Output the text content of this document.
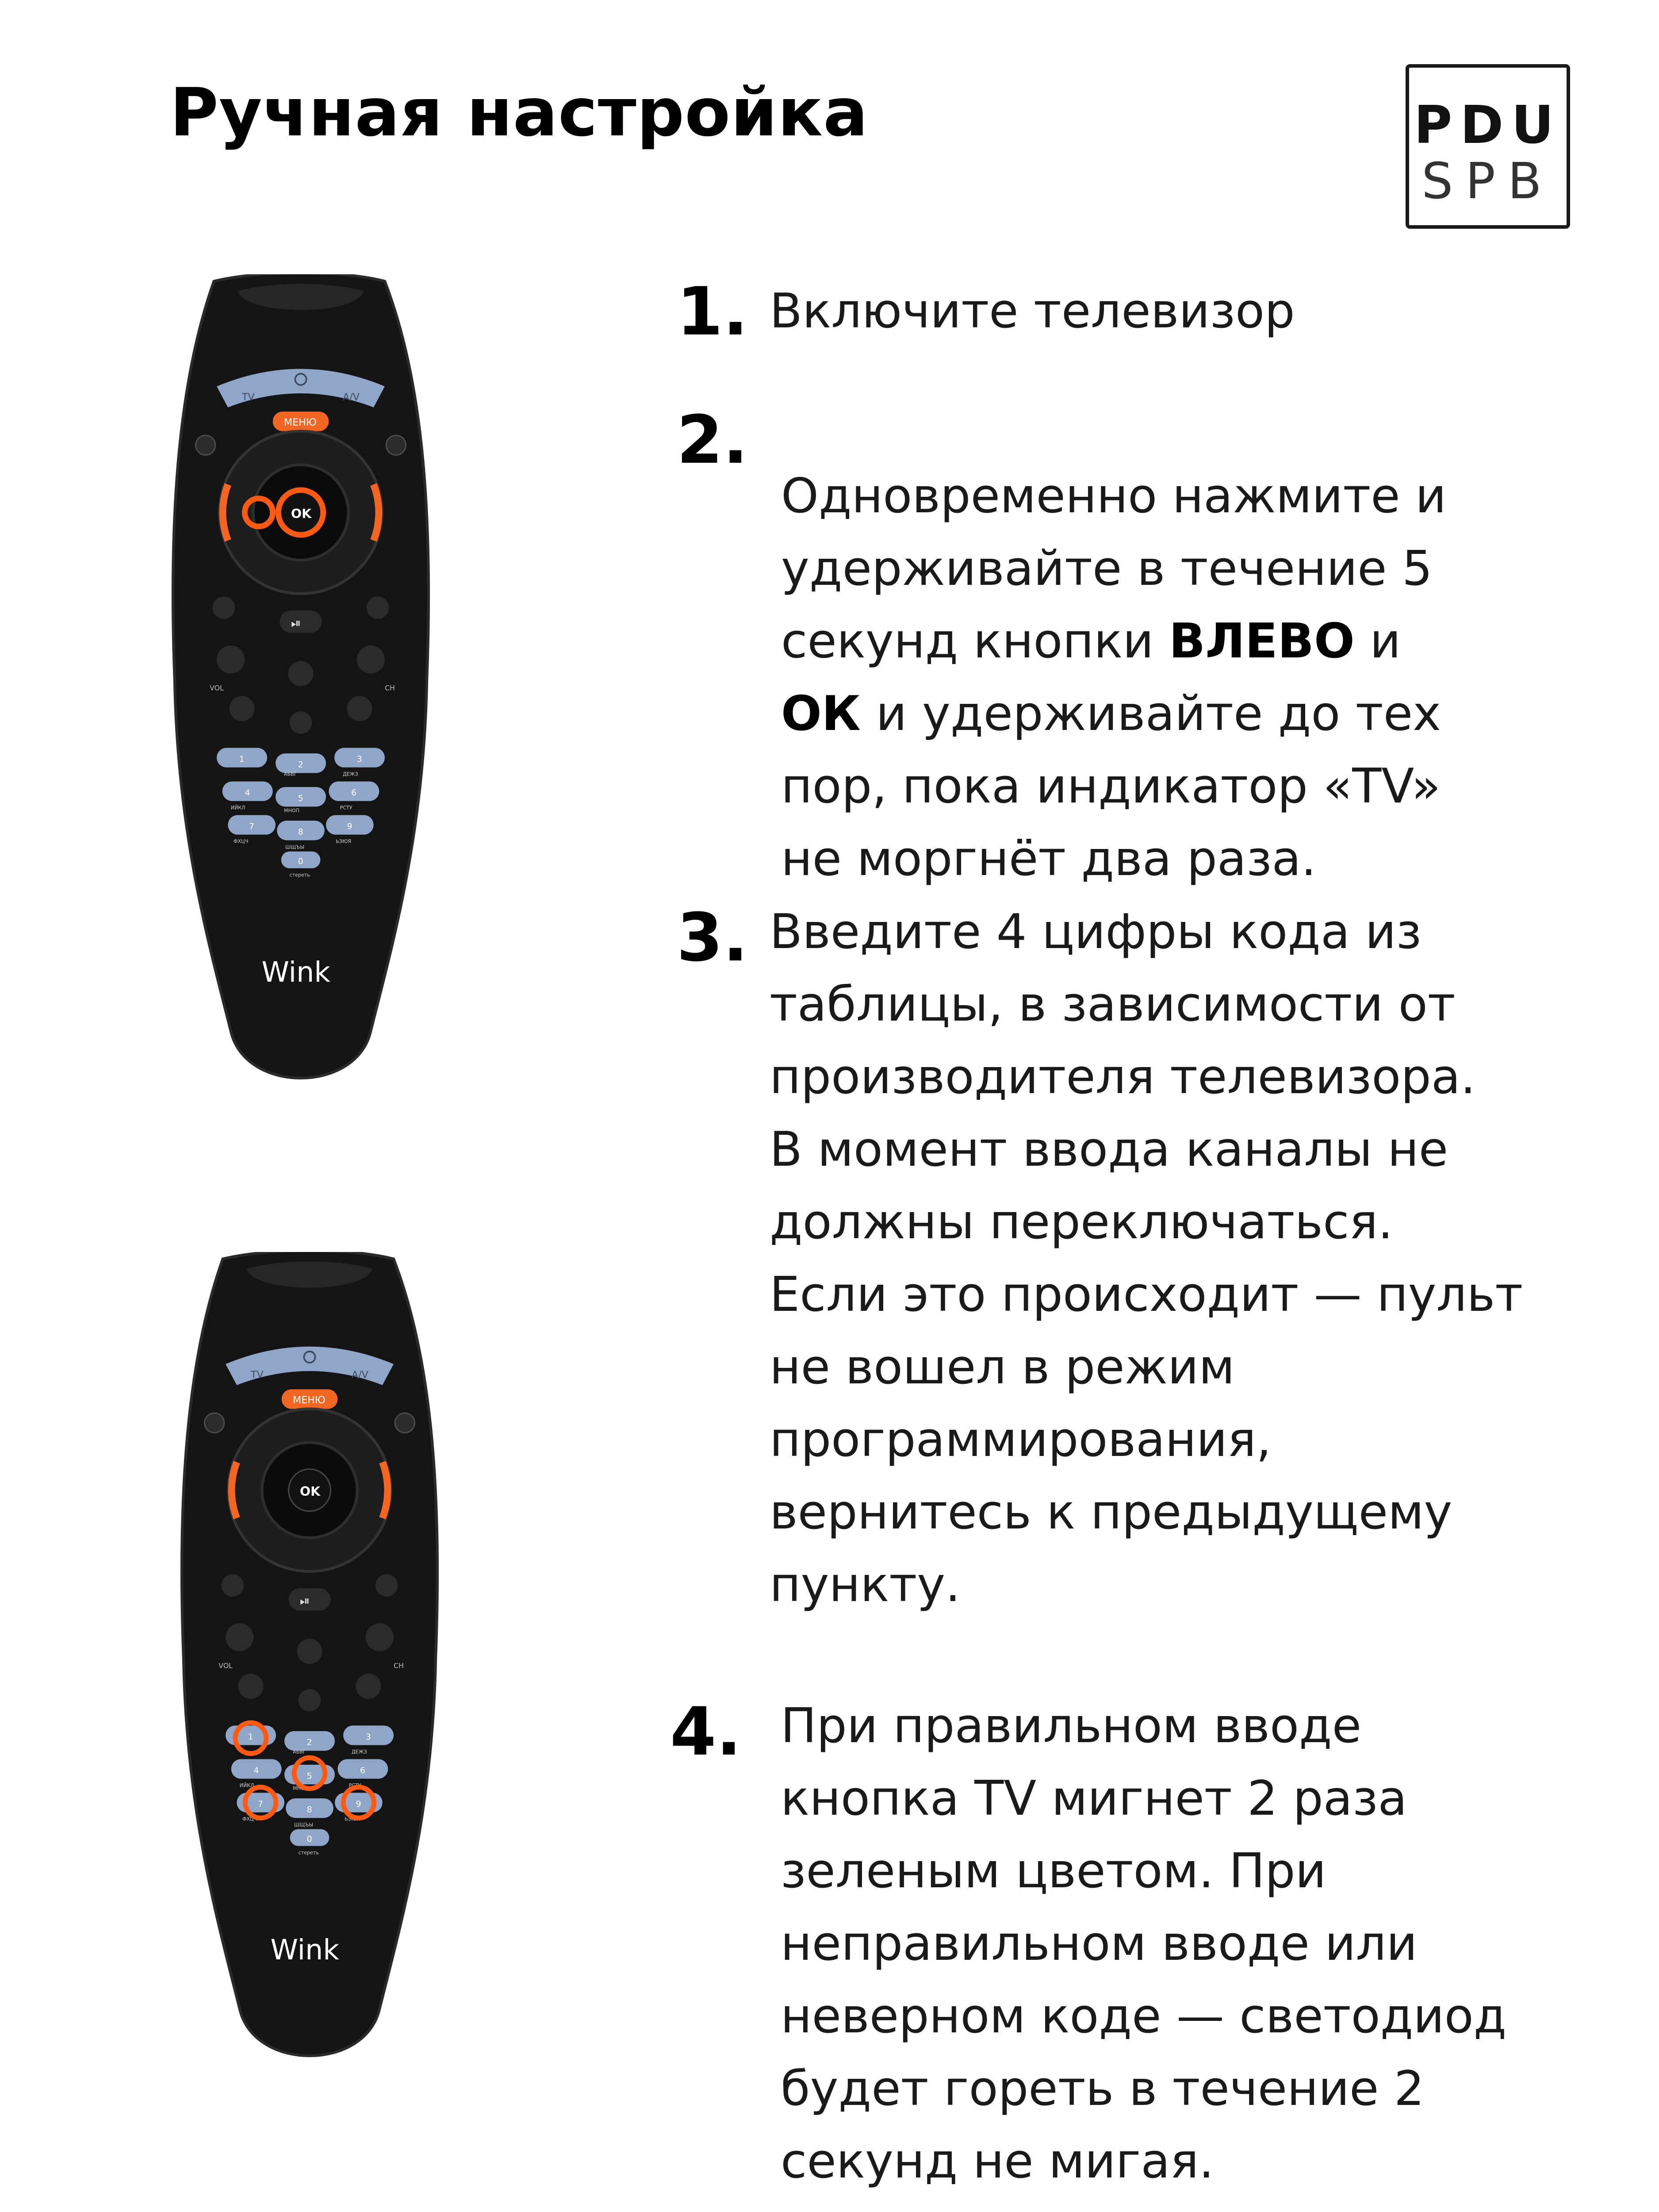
Ручная настройка	PDU
SPB
1. Включите телевизор
2.
Одновременно нажмите и
удерживайте в течение 5
секунд кнопки ВЛЕВО и
ОК и удерживайте до тех
пор, пока индикатор «TV»
не моргнёт два раза.
3. Введите 4 цифры кода из
таблицы, в зависимости от
производителя телевизора.
В момент ввода каналы не
должны переключаться.
Если это происходит — пульт
не вошел в режим
программирования,
вернитесь к предыдущему
пункту.
4. При правильном вводе
кнопка TV мигнет 2 раза
зеленым цветом. При
неправильном вводе или
неверном коде — светодиод
будет гореть в течение 2
секунд не мигая.
TV	A/V
МЕНЮ
OK
⏯
VOL	CH
1
2
3
4
5
6
7
8
9
0
АБВГ	ДЕЖЗ
ИЙКЛ	МНОП	РСТУ
ФХЦЧ
ШЩЪЫ
ЬЭЮЯ
стереть
Wink
TV	A/V
МЕНЮ
OK
⏯
VOL	CH
1
2
3
4
5
6
7
8
9
0
АБВГ	ДЕЖЗ
ИЙКЛ	МНОП	РСТУ
ФХЦЧ
ШЩЪЫ
ЬЭЮЯ
стереть
Wink
